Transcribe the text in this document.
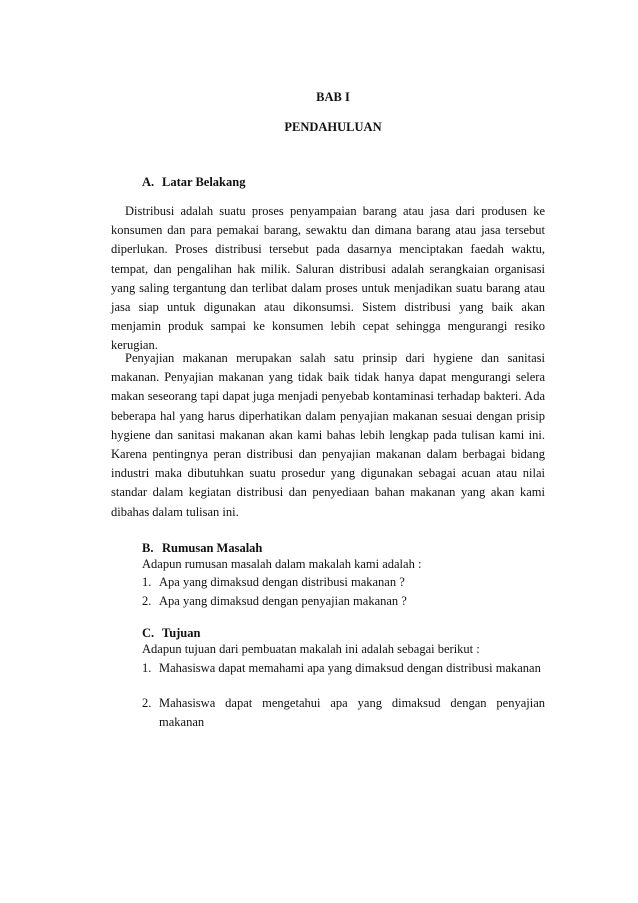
BAB I
PENDAHULUAN
A. Latar Belakang

Distribusi adalah suatu proses penyampaian barang atau jasa dari produsen ke konsumen dan para pemakai barang, sewaktu dan dimana barang atau jasa tersebut diperlukan. Proses distribusi tersebut pada dasarnya menciptakan faedah waktu, tempat, dan pengalihan hak milik. Saluran distribusi adalah serangkaian organisasi yang saling tergantung dan terlibat dalam proses untuk menjadikan suatu barang atau jasa siap untuk digunakan atau dikonsumsi. Sistem distribusi yang baik akan menjamin produk sampai ke konsumen lebih cepat sehingga mengurangi resiko kerugian.

Penyajian makanan merupakan salah satu prinsip dari hygiene dan sanitasi makanan. Penyajian makanan yang tidak baik tidak hanya dapat mengurangi selera makan seseorang tapi dapat juga menjadi penyebab kontaminasi terhadap bakteri. Ada beberapa hal yang harus diperhatikan dalam penyajian makanan sesuai dengan prisip hygiene dan sanitasi makanan akan kami bahas lebih lengkap pada tulisan kami ini. Karena pentingnya peran distribusi dan penyajian makanan dalam berbagai bidang industri maka dibutuhkan suatu prosedur yang digunakan sebagai acuan atau nilai standar dalam kegiatan distribusi dan penyediaan bahan makanan yang akan kami dibahas dalam tulisan ini.

B. Rumusan Masalah
Adapun rumusan masalah dalam makalah kami adalah :
1. Apa yang dimaksud dengan distribusi makanan ?
2. Apa yang dimaksud dengan penyajian makanan ?
C. Tujuan
Adapun tujuan dari pembuatan makalah ini adalah sebagai berikut :
1. Mahasiswa dapat memahami apa yang dimaksud dengan distribusi makanan
2. Mahasiswa dapat mengetahui apa yang dimaksud dengan penyajian makanan
